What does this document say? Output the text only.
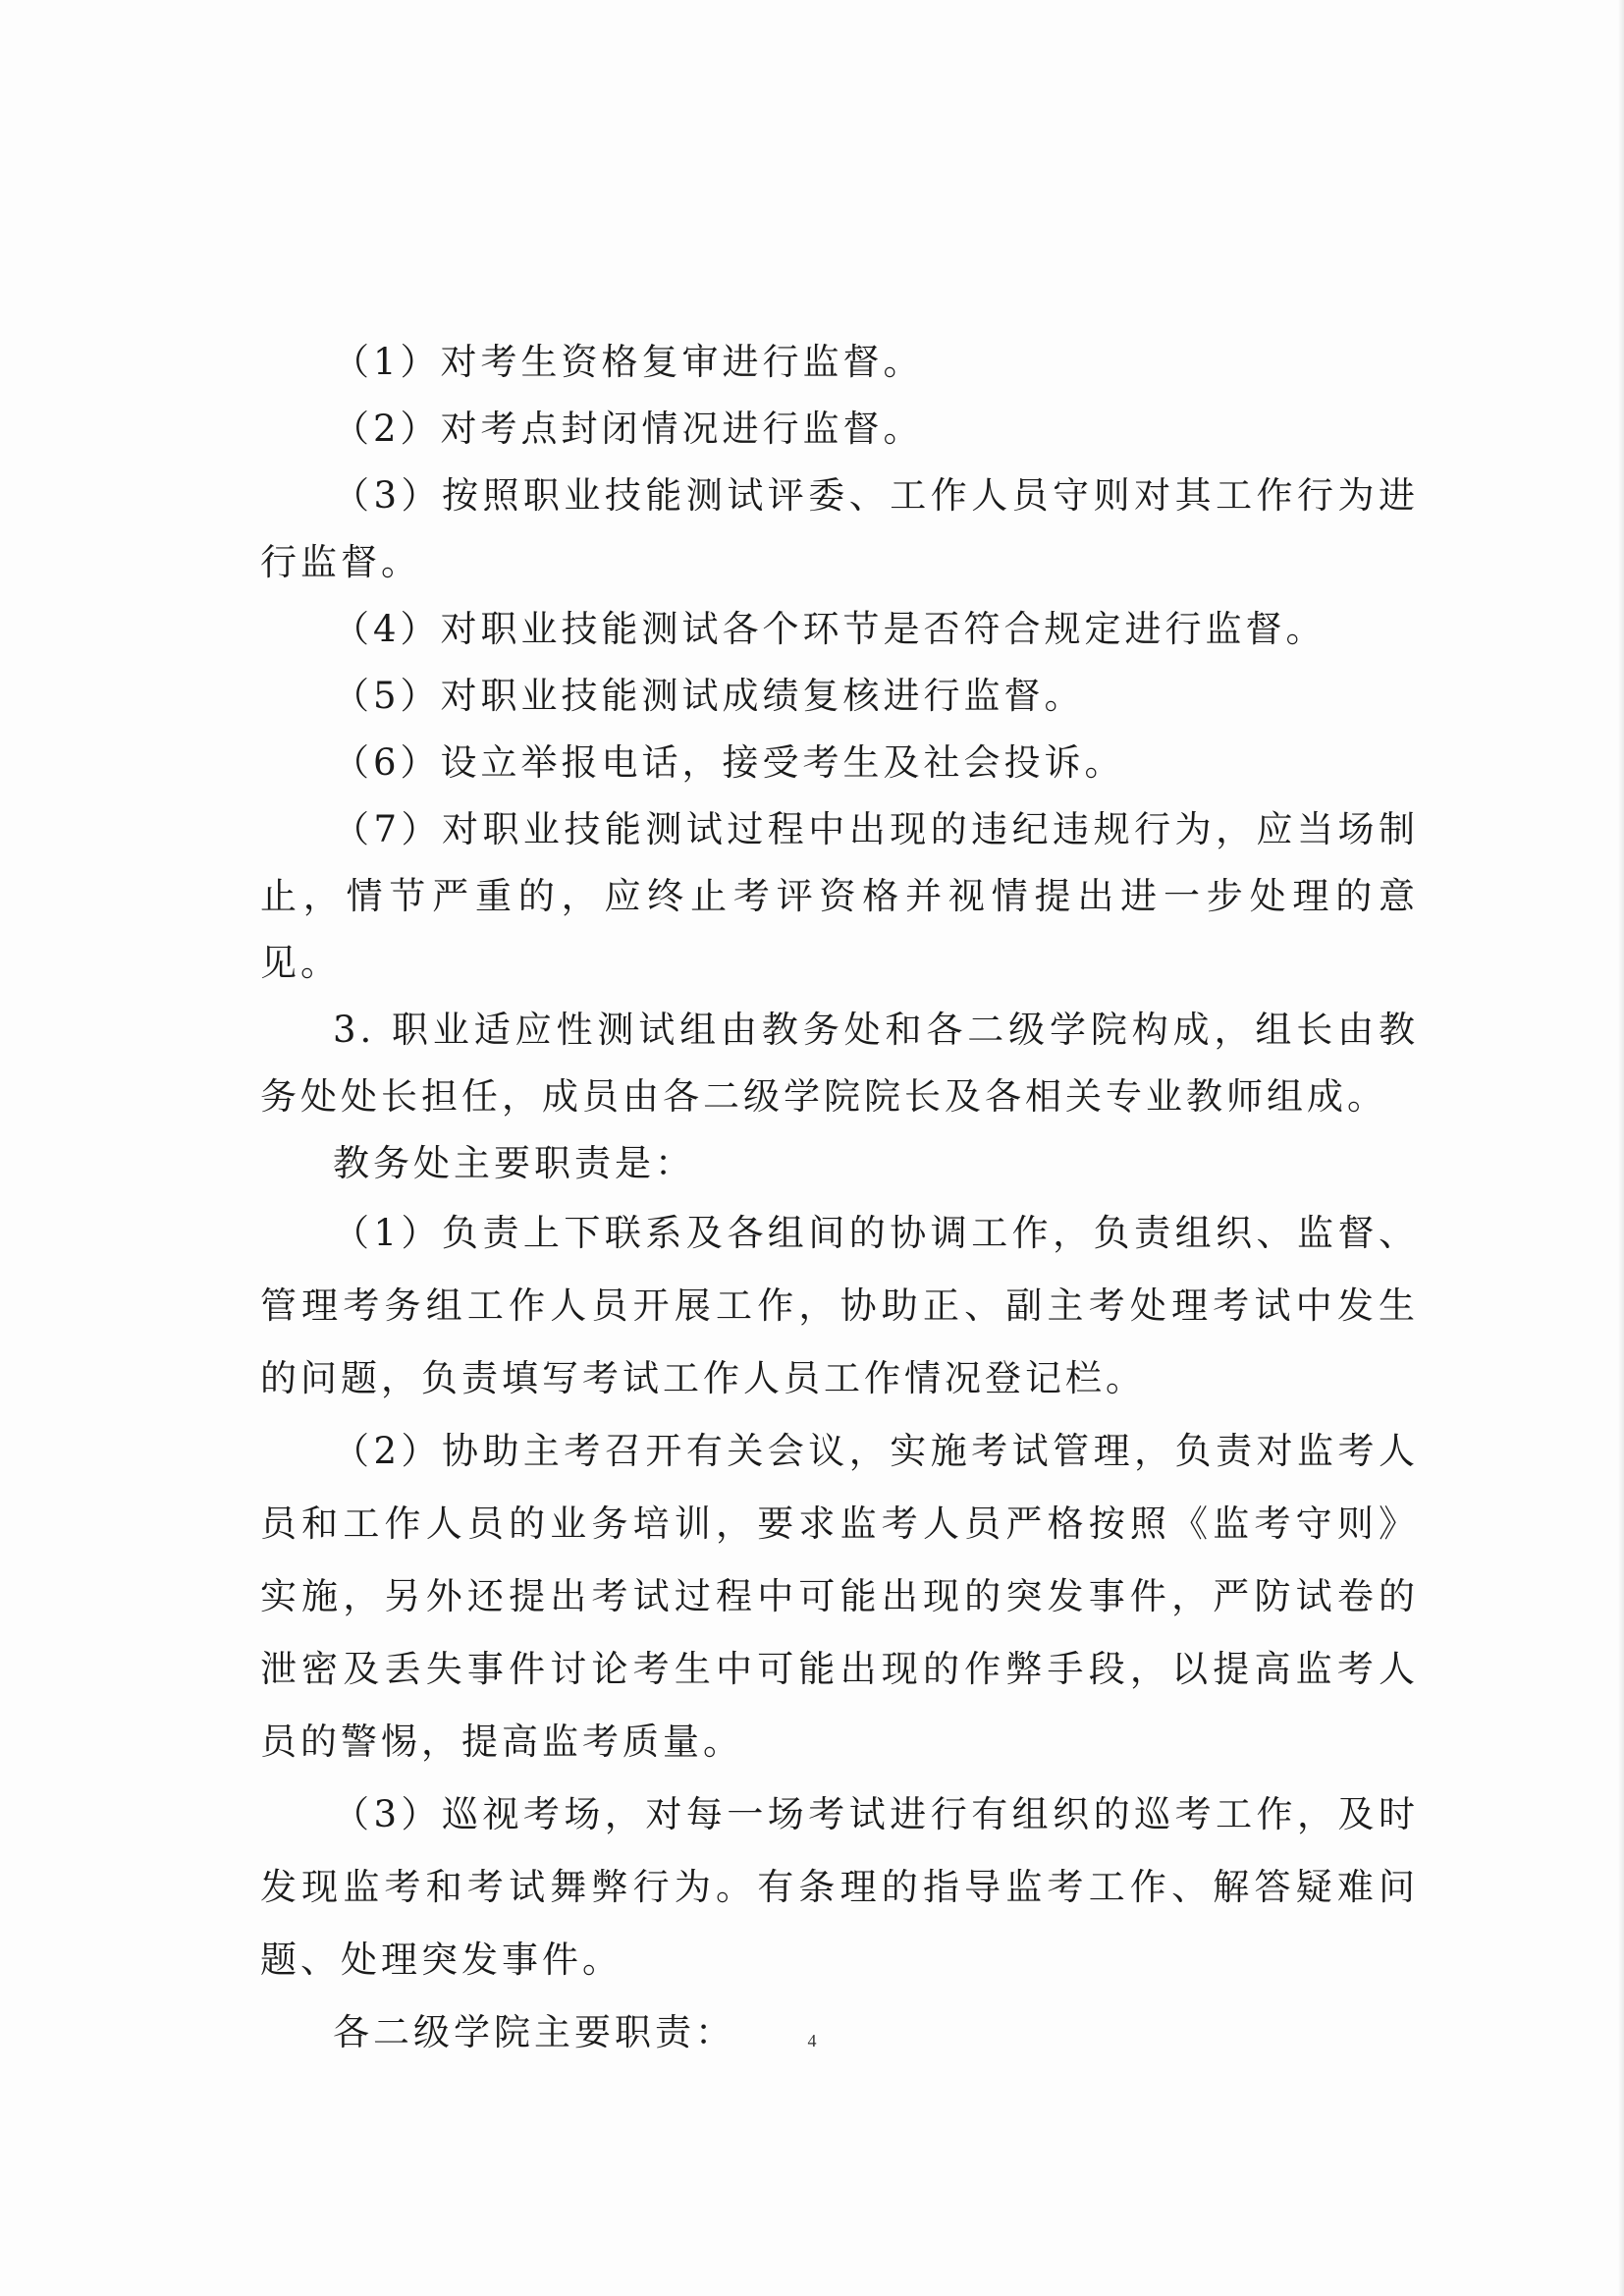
（1）对考生资格复审进行监督。

（2）对考点封闭情况进行监督。

（3）按照职业技能测试评委、工作人员守则对其工作行为进行监督。

（4）对职业技能测试各个环节是否符合规定进行监督。

（5）对职业技能测试成绩复核进行监督。

（6）设立举报电话，接受考生及社会投诉。

（7）对职业技能测试过程中出现的违纪违规行为，应当场制止，情节严重的，应终止考评资格并视情提出进一步处理的意见。

3. 职业适应性测试组由教务处和各二级学院构成，组长由教务处处长担任，成员由各二级学院院长及各相关专业教师组成。

教务处主要职责是：

（1）负责上下联系及各组间的协调工作，负责组织、监督、管理考务组工作人员开展工作，协助正、副主考处理考试中发生的问题，负责填写考试工作人员工作情况登记栏。

（2）协助主考召开有关会议，实施考试管理，负责对监考人员和工作人员的业务培训，要求监考人员严格按照《监考守则》实施，另外还提出考试过程中可能出现的突发事件，严防试卷的泄密及丢失事件讨论考生中可能出现的作弊手段，以提高监考人员的警惕，提高监考质量。

（3）巡视考场，对每一场考试进行有组织的巡考工作，及时发现监考和考试舞弊行为。有条理的指导监考工作、解答疑难问题、处理突发事件。

各二级学院主要职责：	4
